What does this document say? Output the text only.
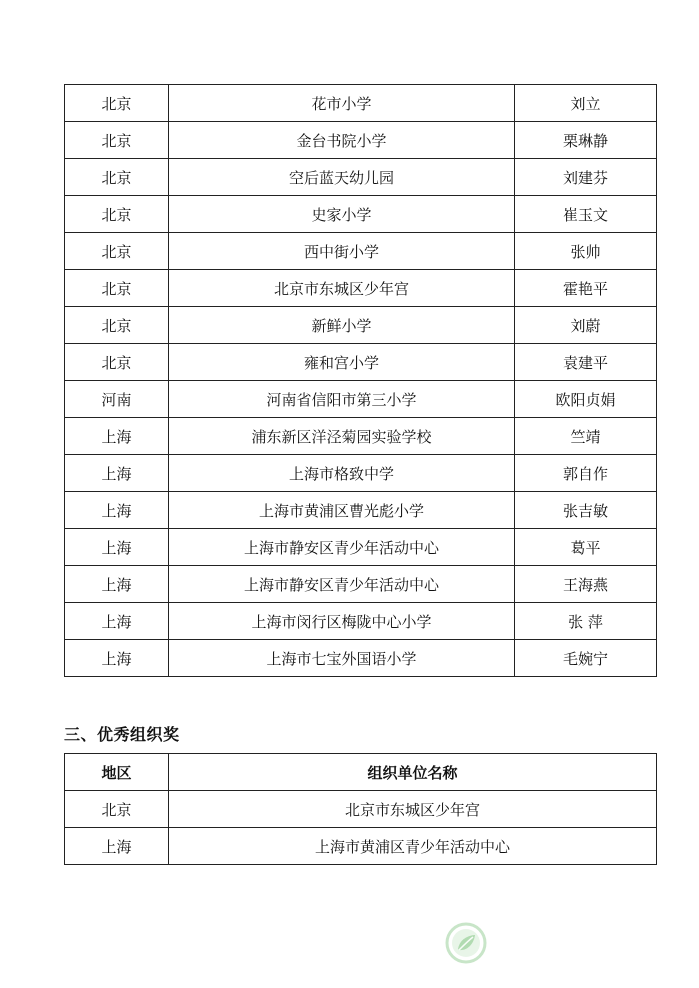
北京	花市小学	刘立
北京	金台书院小学	栗琳静
北京	空后蓝天幼儿园	刘建芬
北京	史家小学	崔玉文
北京	西中街小学	张帅
北京	北京市东城区少年宫	霍艳平
北京	新鲜小学	刘蔚
北京	雍和宫小学	袁建平
河南	河南省信阳市第三小学	欧阳贞娟
上海	浦东新区洋泾菊园实验学校	竺靖
上海	上海市格致中学	郭自作
上海	上海市黄浦区曹光彪小学	张吉敏
上海	上海市静安区青少年活动中心	葛平
上海	上海市静安区青少年活动中心	王海燕
上海	上海市闵行区梅陇中心小学	张 萍
上海	上海市七宝外国语小学	毛婉宁
三、优秀组织奖
地区	组织单位名称
北京	北京市东城区少年宫
上海	上海市黄浦区青少年活动中心
